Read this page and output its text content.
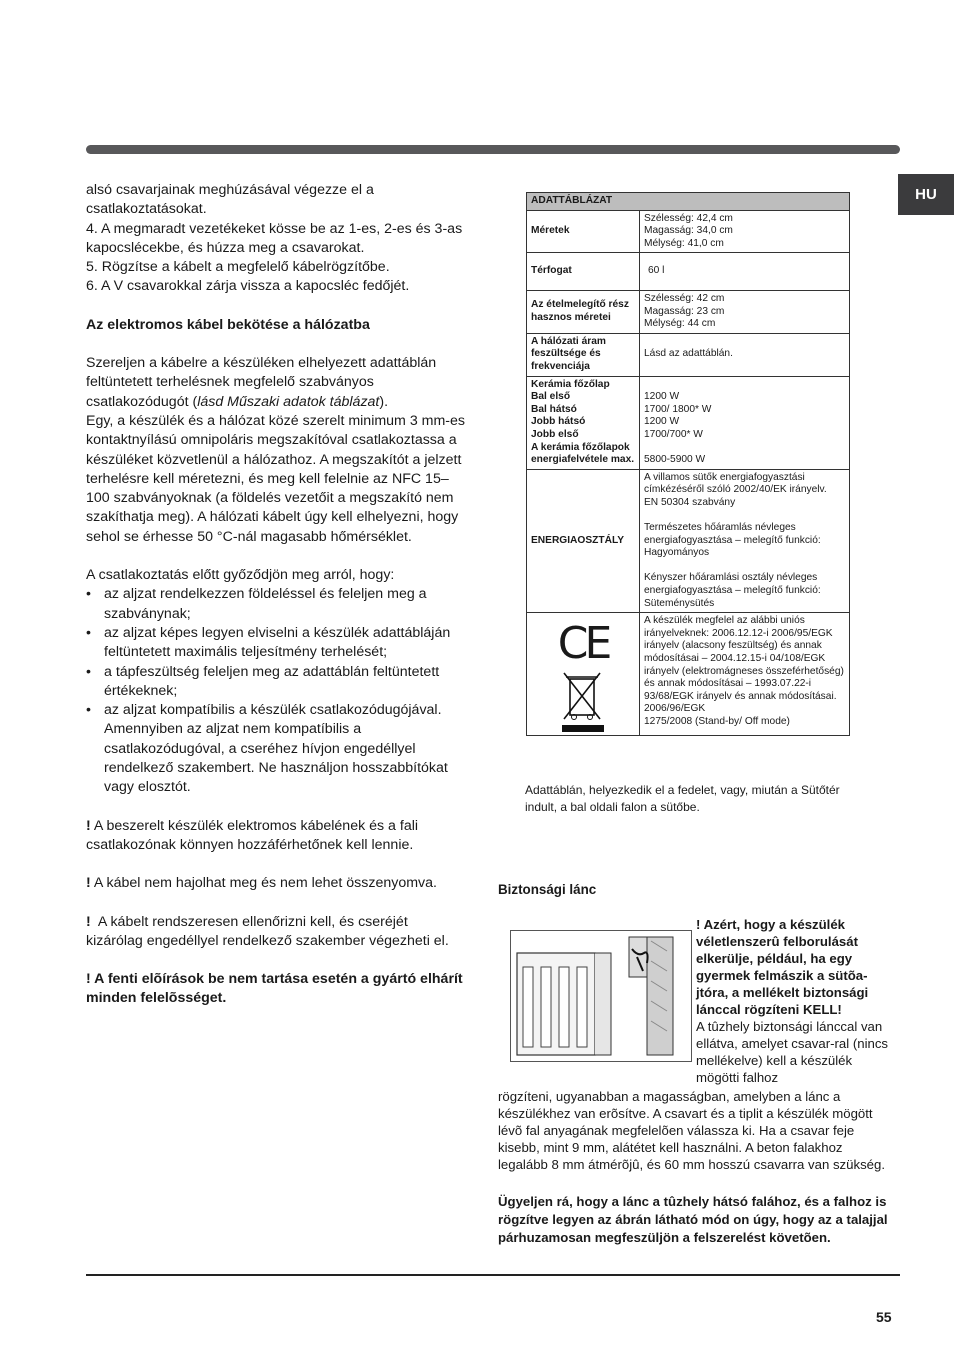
HU

alsó csavarjainak meghúzásával végezze el a csatlakoztatásokat.

4. A megmaradt vezetékeket kösse be az 1-es, 2-es és 3-as kapocslécekbe, és húzza meg a csavarokat.

5. Rögzítse a kábelt a megfelelő kábelrögzítőbe.

6. A V csavarokkal zárja vissza a kapocsléc fedőjét.

Az elektromos kábel bekötése a hálózatba

Szereljen a kábelre a készüléken elhelyezett adattáblán feltüntetett terhelésnek megfelelő szabványos csatlakozódugót (lásd Műszaki adatok táblázat).

Egy, a készülék és a hálózat közé szerelt minimum 3 mm-es kontaktnyílású omnipoláris megszakítóval csatlakoztassa a készüléket közvetlenül a hálózathoz. A megszakítót a jelzett terhelésre kell méretezni, és meg kell felelnie az NFC 15–100 szabványoknak (a földelés vezetőit a megszakító nem szakíthatja meg). A hálózati kábelt úgy kell elhelyezni, hogy sehol se érhesse 50 °C-nál magasabb hőmérséklet.

A csatlakoztatás előtt győződjön meg arról, hogy:

• az aljzat rendelkezzen földeléssel és feleljen meg a szabványnak;
• az aljzat képes legyen elviselni a készülék adattábláján feltüntetett maximális teljesítmény terhelését;
• a tápfeszültség feleljen meg az adattáblán feltüntetett értékeknek;
• az aljzat kompatíbilis a készülék csatlakozódugójával. Amennyiben az aljzat nem kompatíbilis a csatlakozódugóval, a cseréhez hívjon engedéllyel rendelkező szakembert. Ne használjon hosszabbítókat vagy elosztót.

! A beszerelt készülék elektromos kábelének és a fali csatlakozónak könnyen hozzáférhetőnek kell lennie.

! A kábel nem hajolhat meg és nem lehet összenyomva.

! A kábelt rendszeresen ellenőrizni kell, és cseréjét kizárólag engedéllyel rendelkező szakember végezheti el.

! A fenti elõírások be nem tartása esetén a gyártó elhárít minden felelõsséget.

ADATTÁBLÁZAT
Méretek
Szélesség: 42,4 cm
Magasság: 34,0 cm
Mélység: 41,0 cm
Térfogat	60 l
Az ételmelegítő rész hasznos méretei
Szélesség: 42 cm
Magasság: 23 cm
Mélység: 44 cm
A hálózati áram feszültsége és frekvenciája
Lásd az adattáblán.
Kerámia főzőlap
Bal első
Bal hátsó
Jobb hátsó
Jobb első
A kerámia főzőlapok energiafelvétele max.

1200 W
1700/ 1800* W
1200 W
1700/700* W

5800-5900 W
ENERGIAOSZTÁLY
A villamos sütők energiafogyasztási címkézéséről szóló 2002/40/EK irányelv.
EN 50304 szabvány

Természetes hőáramlás névleges energiafogyasztása – melegítő funkció: Hagyományos

Kényszer hőáramlási osztály névleges energiafogyasztása – melegítő funkció: Süteménysütés
CE	A készülék megfelel az alábbi uniós irányelveknek: 2006.12.12-i 2006/95/EGK irányelv (alacsony feszültség) és annak módosításai – 2004.12.15-i 04/108/EGK irányelv (elektromágneses összeférhetőség) és annak módosításai – 1993.07.22-i 93/68/EGK irányelv és annak módosításai.
2006/96/EGK
1275/2008 (Stand-by/ Off mode)
Adattáblán, helyezkedik el a fedelet, vagy, miután a Sütőtér indult, a bal oldali falon a sütőbe.
Biztonsági lánc
! Azért, hogy a készülék véletlenszerû felborulását elkerülje, például, ha egy gyermek felmászik a sütõa-jtóra, a mellékelt biztonsági lánccal rögzíteni KELL!
A tûzhely biztonsági lánccal van ellátva, amelyet csavar-ral (nincs mellékelve) kell a készülék mögötti falhoz
rögzíteni, ugyanabban a magasságban, amelyben a lánc a készülékhez van erõsítve. A csavart és a tiplit a készülék mögött lévõ fal anyagának megfelelõen válassza ki. Ha a csavar feje kisebb, mint 9 mm, alátétet kell használni. A beton falakhoz legalább 8 mm átmérõjû, és 60 mm hosszú csavarra van szükség.
Ügyeljen rá, hogy a lánc a tûzhely hátsó falához, és a falhoz is rögzítve legyen az ábrán látható mód on úgy, hogy az a talajjal párhuzamosan megfeszüljön a felszerelést követõen.
55
